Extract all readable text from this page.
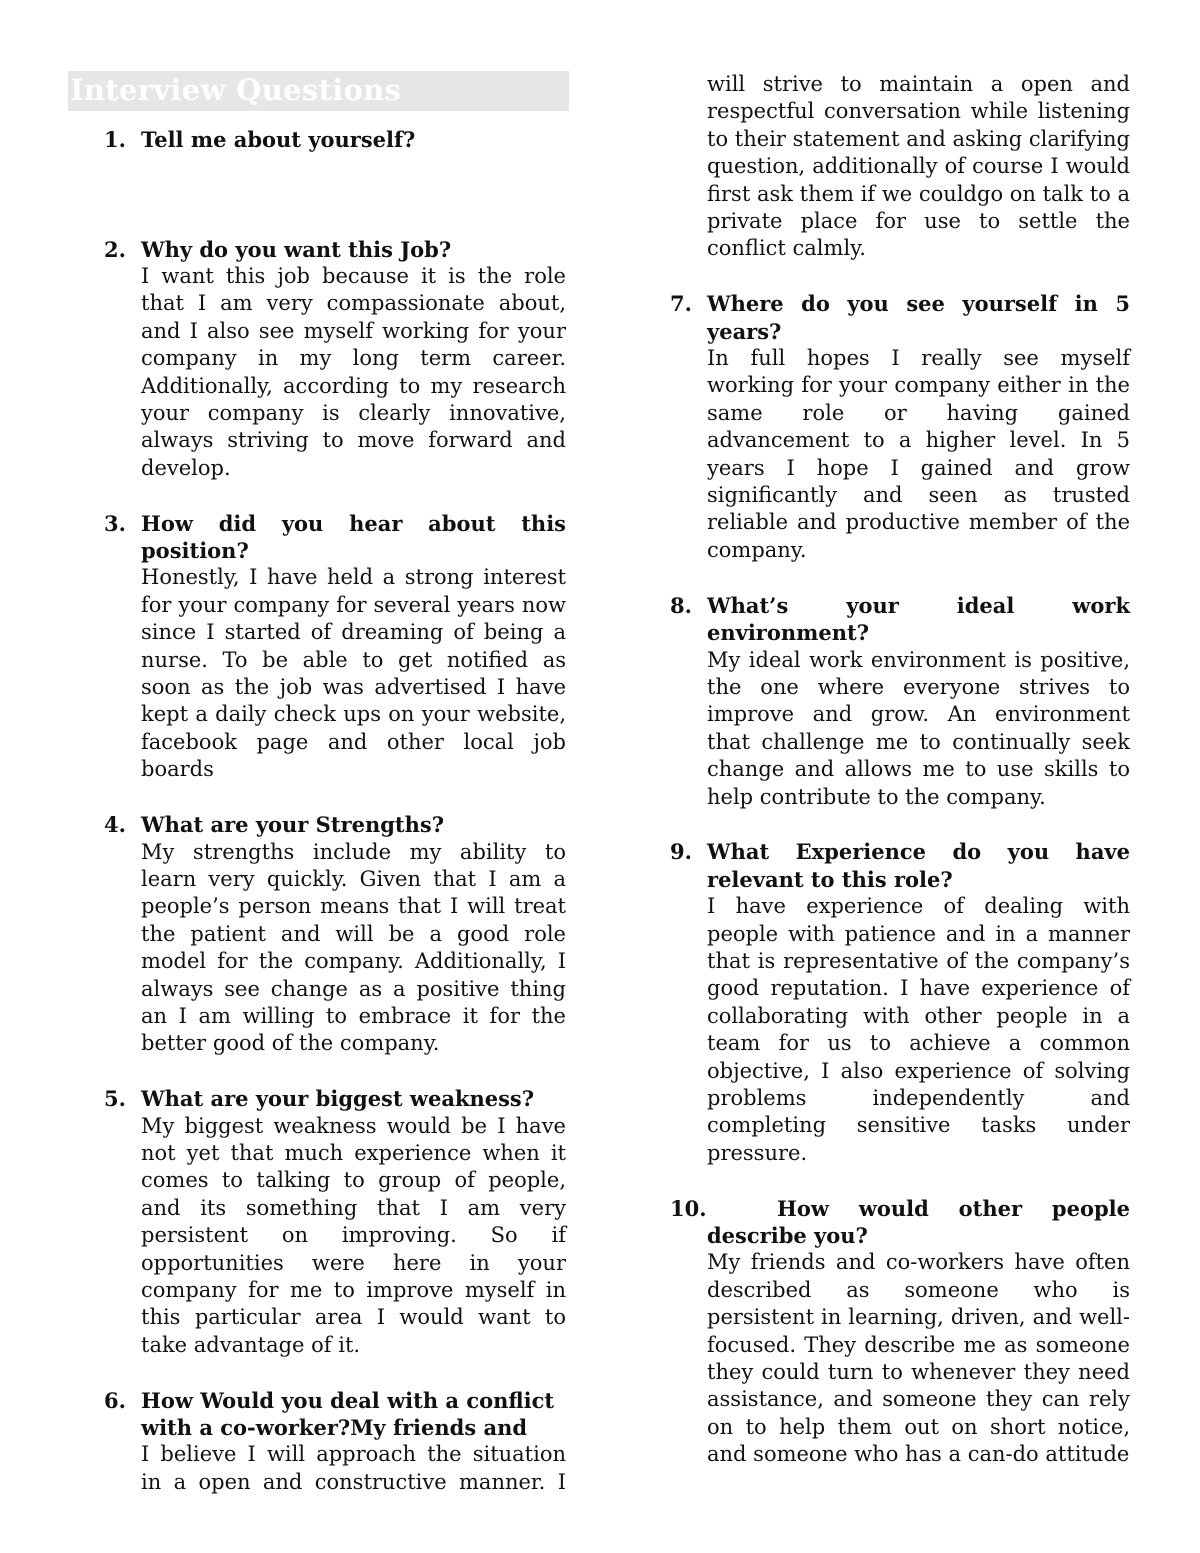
Interview Questions
1. Tell me about yourself?
2. Why do you want this Job?
I want this job because it is the role that I am very compassionate about, and I also see myself working for your company in my long term career. Additionally, according to my research your company is clearly innovative, always striving to move forward and develop.
3. How did you hear about this position?
Honestly, I have held a strong interest for your company for several years now since I started of dreaming of being a nurse. To be able to get notified as soon as the job was advertised I have kept a daily check ups on your website, facebook page and other local job boards
4. What are your Strengths?
My strengths include my ability to learn very quickly. Given that I am a people’s person means that I will treat the patient and will be a good role model for the company. Additionally, I always see change as a positive thing an I am willing to embrace it for the better good of the company.
5. What are your biggest weakness?
My biggest weakness would be I have not yet that much experience when it comes to talking to group of people, and its something that I am very persistent on improving. So if opportunities were here in your company for me to improve myself in this particular area I would want to take advantage of it.
6. How Would you deal with a conflict with a co-worker?My friends and
I believe I will approach the situation in a open and constructive manner. I
will strive to maintain a open and respectful conversation while listening to their statement and asking clarifying question, additionally of course I would first ask them if we couldgo on talk to a private place for use to settle the conflict calmly.
7. Where do you see yourself in 5 years?
In full hopes I really see myself working for your company either in the same role or having gained advancement to a higher level. In 5 years I hope I gained and grow significantly and seen as trusted reliable and productive member of the company.
8. What’s your ideal work environment?
My ideal work environment is positive, the one where everyone strives to improve and grow. An environment that challenge me to continually seek change and allows me to use skills to help contribute to the company.
9. What Experience do you have relevant to this role?
I have experience of dealing with people with patience and in a manner that is representative of the company’s good reputation. I have experience of collaborating with other people in a team for us to achieve a common objective, I also experience of solving problems independently and completing sensitive tasks under pressure.
10.	How would other people describe you?
My friends and co-workers have often described as someone who is persistent in learning, driven, and well-focused. They describe me as someone they could turn to whenever they need assistance, and someone they can rely on to help them out on short notice, and someone who has a can-do attitude
